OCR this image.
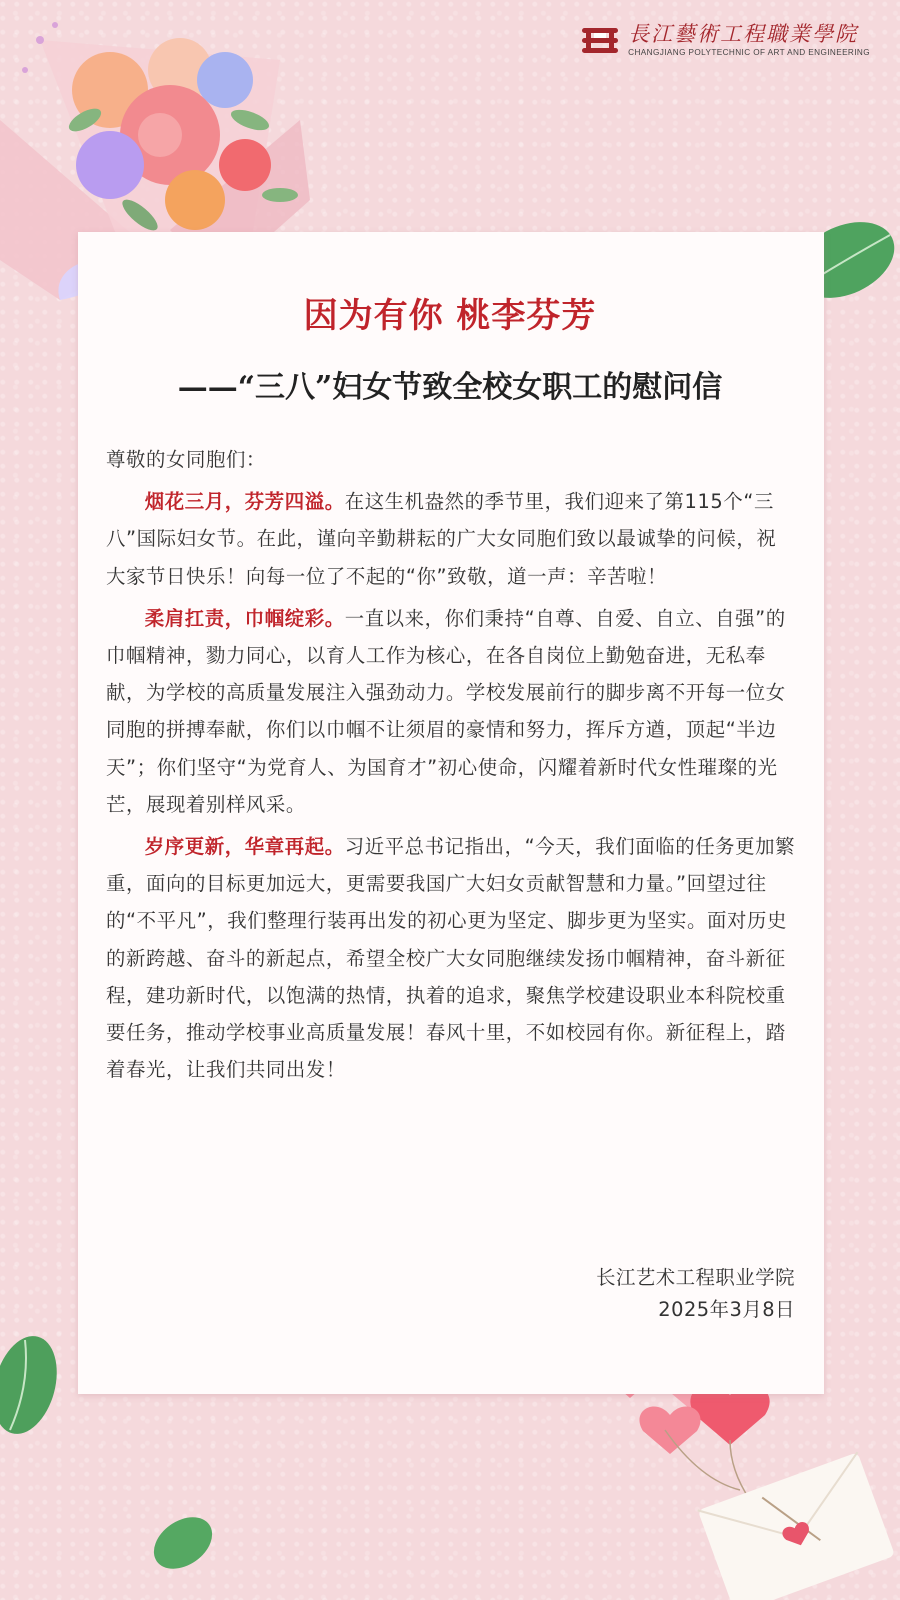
長江藝術工程職業學院
CHANGJIANG POLYTECHNIC OF ART AND ENGINEERING
因为有你 桃李芬芳
——“三八”妇女节致全校女职工的慰问信

尊敬的女同胞们：

烟花三月，芬芳四溢。在这生机盎然的季节里，我们迎来了第115个“三八”国际妇女节。在此，谨向辛勤耕耘的广大女同胞们致以最诚挚的问候，祝大家节日快乐！向每一位了不起的“你”致敬，道一声：辛苦啦！

柔肩扛责，巾帼绽彩。一直以来，你们秉持“自尊、自爱、自立、自强”的巾帼精神，勠力同心，以育人工作为核心，在各自岗位上勤勉奋进，无私奉献，为学校的高质量发展注入强劲动力。学校发展前行的脚步离不开每一位女同胞的拼搏奉献，你们以巾帼不让须眉的豪情和努力，挥斥方遒，顶起“半边天”；你们坚守“为党育人、为国育才”初心使命，闪耀着新时代女性璀璨的光芒，展现着别样风采。

岁序更新，华章再起。习近平总书记指出，“今天，我们面临的任务更加繁重，面向的目标更加远大，更需要我国广大妇女贡献智慧和力量。”回望过往的“不平凡”，我们整理行装再出发的初心更为坚定、脚步更为坚实。面对历史的新跨越、奋斗的新起点，希望全校广大女同胞继续发扬巾帼精神，奋斗新征程，建功新时代，以饱满的热情，执着的追求，聚焦学校建设职业本科院校重要任务，推动学校事业高质量发展！春风十里，不如校园有你。新征程上，踏着春光，让我们共同出发！

长江艺术工程职业学院
2025年3月8日
